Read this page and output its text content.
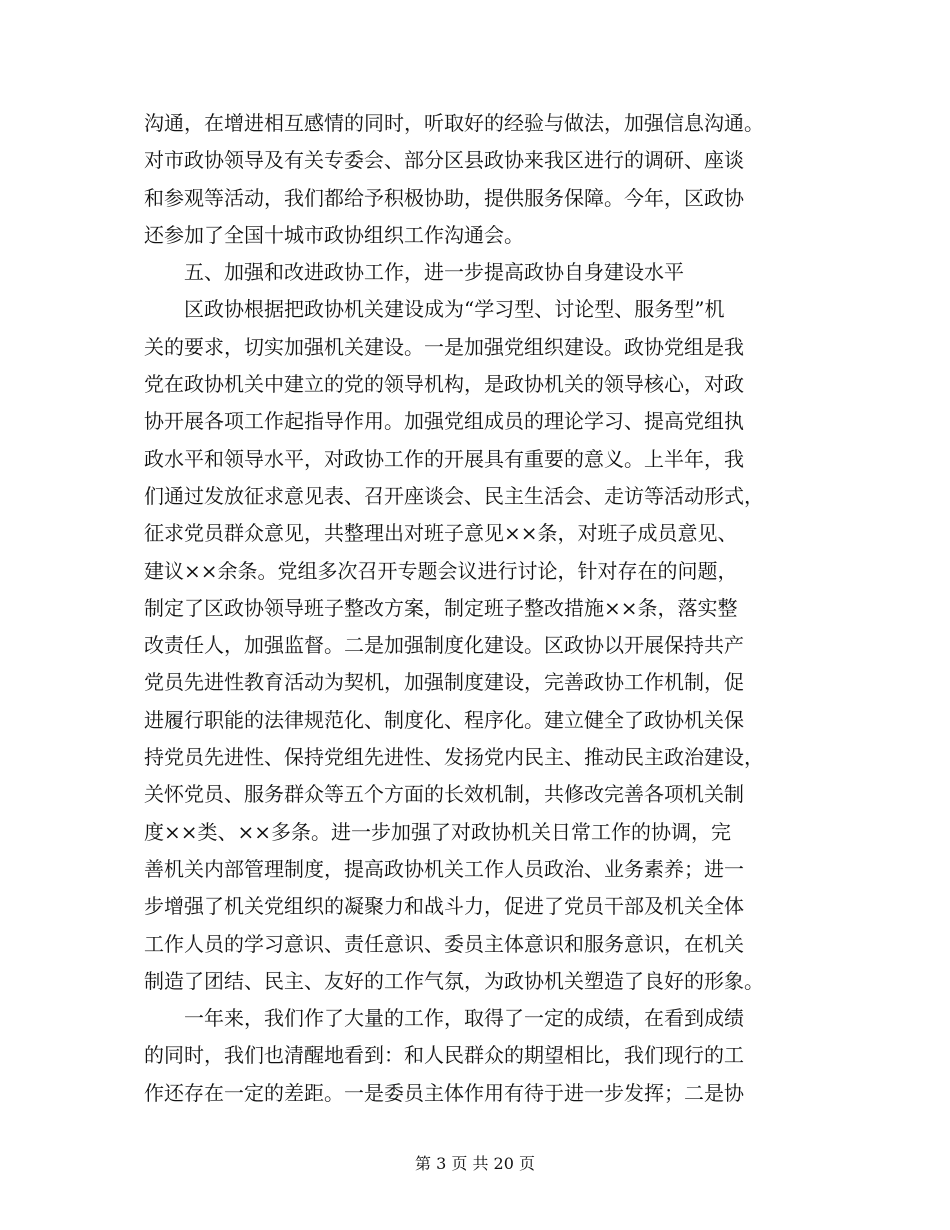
沟通，在增进相互感情的同时，听取好的经验与做法，加强信息沟通。
对市政协领导及有关专委会、部分区县政协来我区进行的调研、座谈
和参观等活动，我们都给予积极协助，提供服务保障。今年，区政协
还参加了全国十城市政协组织工作沟通会。
　　五、加强和改进政协工作，进一步提高政协自身建设水平
　　区政协根据把政协机关建设成为“学习型、讨论型、服务型”机
关的要求，切实加强机关建设。一是加强党组织建设。政协党组是我
党在政协机关中建立的党的领导机构，是政协机关的领导核心，对政
协开展各项工作起指导作用。加强党组成员的理论学习、提高党组执
政水平和领导水平，对政协工作的开展具有重要的意义。上半年，我
们通过发放征求意见表、召开座谈会、民主生活会、走访等活动形式，
征求党员群众意见，共整理出对班子意见××条，对班子成员意见、
建议××余条。党组多次召开专题会议进行讨论，针对存在的问题，
制定了区政协领导班子整改方案，制定班子整改措施××条，落实整
改责任人，加强监督。二是加强制度化建设。区政协以开展保持共产
党员先进性教育活动为契机，加强制度建设，完善政协工作机制，促
进履行职能的法律规范化、制度化、程序化。建立健全了政协机关保
持党员先进性、保持党组先进性、发扬党内民主、推动民主政治建设，
关怀党员、服务群众等五个方面的长效机制，共修改完善各项机关制
度××类、××多条。进一步加强了对政协机关日常工作的协调，完
善机关内部管理制度，提高政协机关工作人员政治、业务素养；进一
步增强了机关党组织的凝聚力和战斗力，促进了党员干部及机关全体
工作人员的学习意识、责任意识、委员主体意识和服务意识，在机关
制造了团结、民主、友好的工作气氛，为政协机关塑造了良好的形象。
　　一年来，我们作了大量的工作，取得了一定的成绩，在看到成绩
的同时，我们也清醒地看到：和人民群众的期望相比，我们现行的工
作还存在一定的差距。一是委员主体作用有待于进一步发挥；二是协
第 3 页 共 20 页
